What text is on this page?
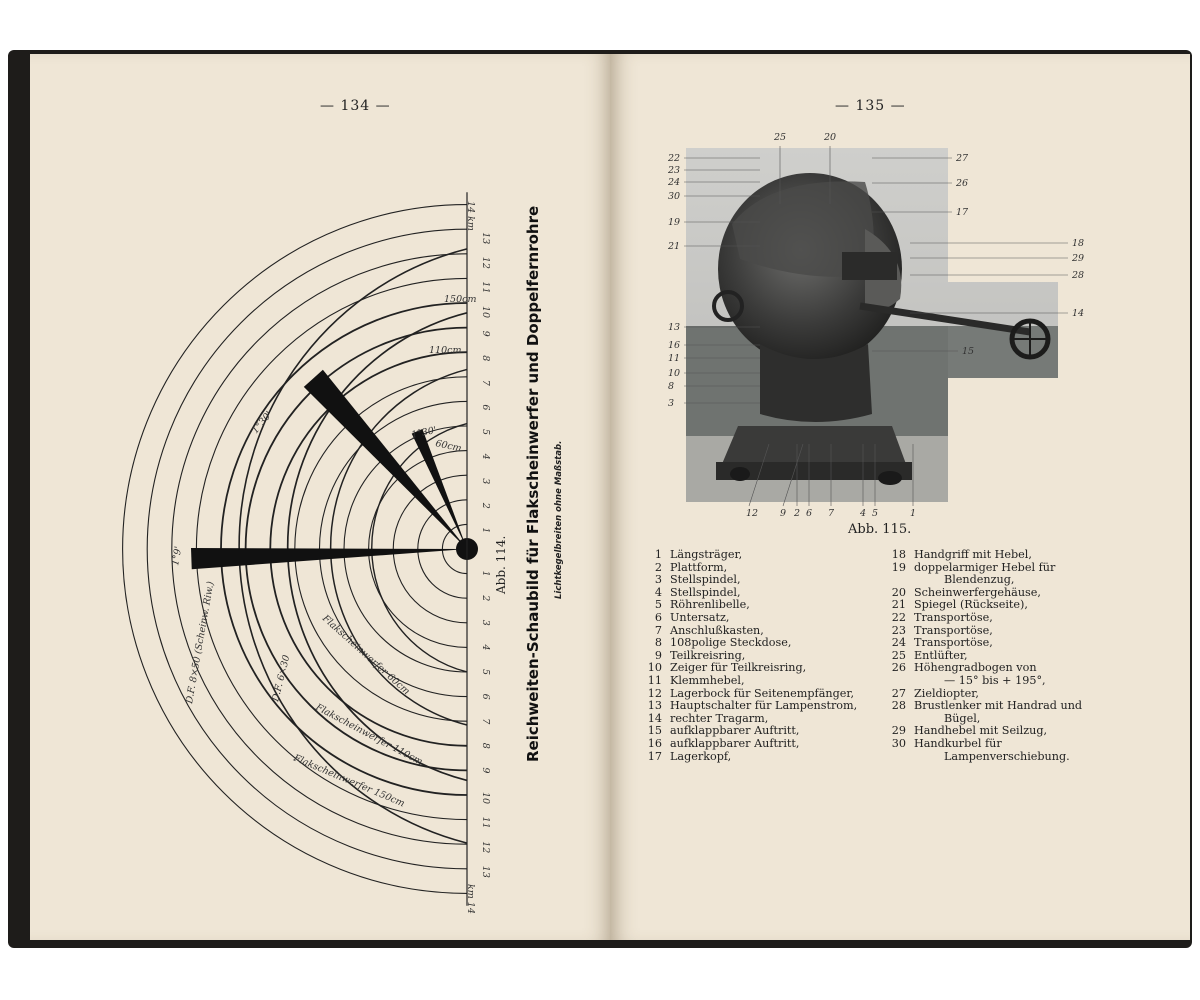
— 134 —
1
2
3
4
5
6
7
8
9
10
11
12
13
1
2
3
4
5
6
7
8
9
10
11
12
13
150cm
110cm
60cm
1°30'	1°30'
1°9'
D.F. 8×50 (Scheinw. Riw.)	D.F. 6×30	Flakscheinwerfer 60cm
Flakscheinwerfer 110cm
Flakscheinwerfer 150cm
14 km
km 14
Reichweiten-Schaubild für Flakscheinwerfer und Doppelfernrohre Lichtkegelbreiten ohne Maßstab.
Abb. 114.
— 135 —
25	20
22
23
24
30
19
21
13
16
11
10
8
3
27
26
17
18
29
28
14
15
12 9 2 6 7	4 5	1
Abb. 115.
1 Längsträger,
2 Plattform,
3 Stellspindel,
4 Stellspindel,
5 Röhrenlibelle,
6 Untersatz,
7 Anschlußkasten,
8 108polige Steckdose,
9 Teilkreisring,
10 Zeiger für Teilkreisring,
11 Klemmhebel,
12 Lagerbock für Seitenempfänger,
13 Hauptschalter für Lampenstrom,
14 rechter Tragarm,
15 aufklappbarer Auftritt,
16 aufklappbarer Auftritt,
17 Lagerkopf,
18 Handgriff mit Hebel,
19 doppelarmiger Hebel für
Blendenzug,
20 Scheinwerfergehäuse,
21 Spiegel (Rückseite),
22 Transportöse,
23 Transportöse,
24 Transportöse,
25 Entlüfter,
26 Höhengradbogen von
— 15° bis + 195°,
27 Zieldiopter,
28 Brustlenker mit Handrad und
Bügel,
29 Handhebel mit Seilzug,
30 Handkurbel für
Lampenverschiebung.
